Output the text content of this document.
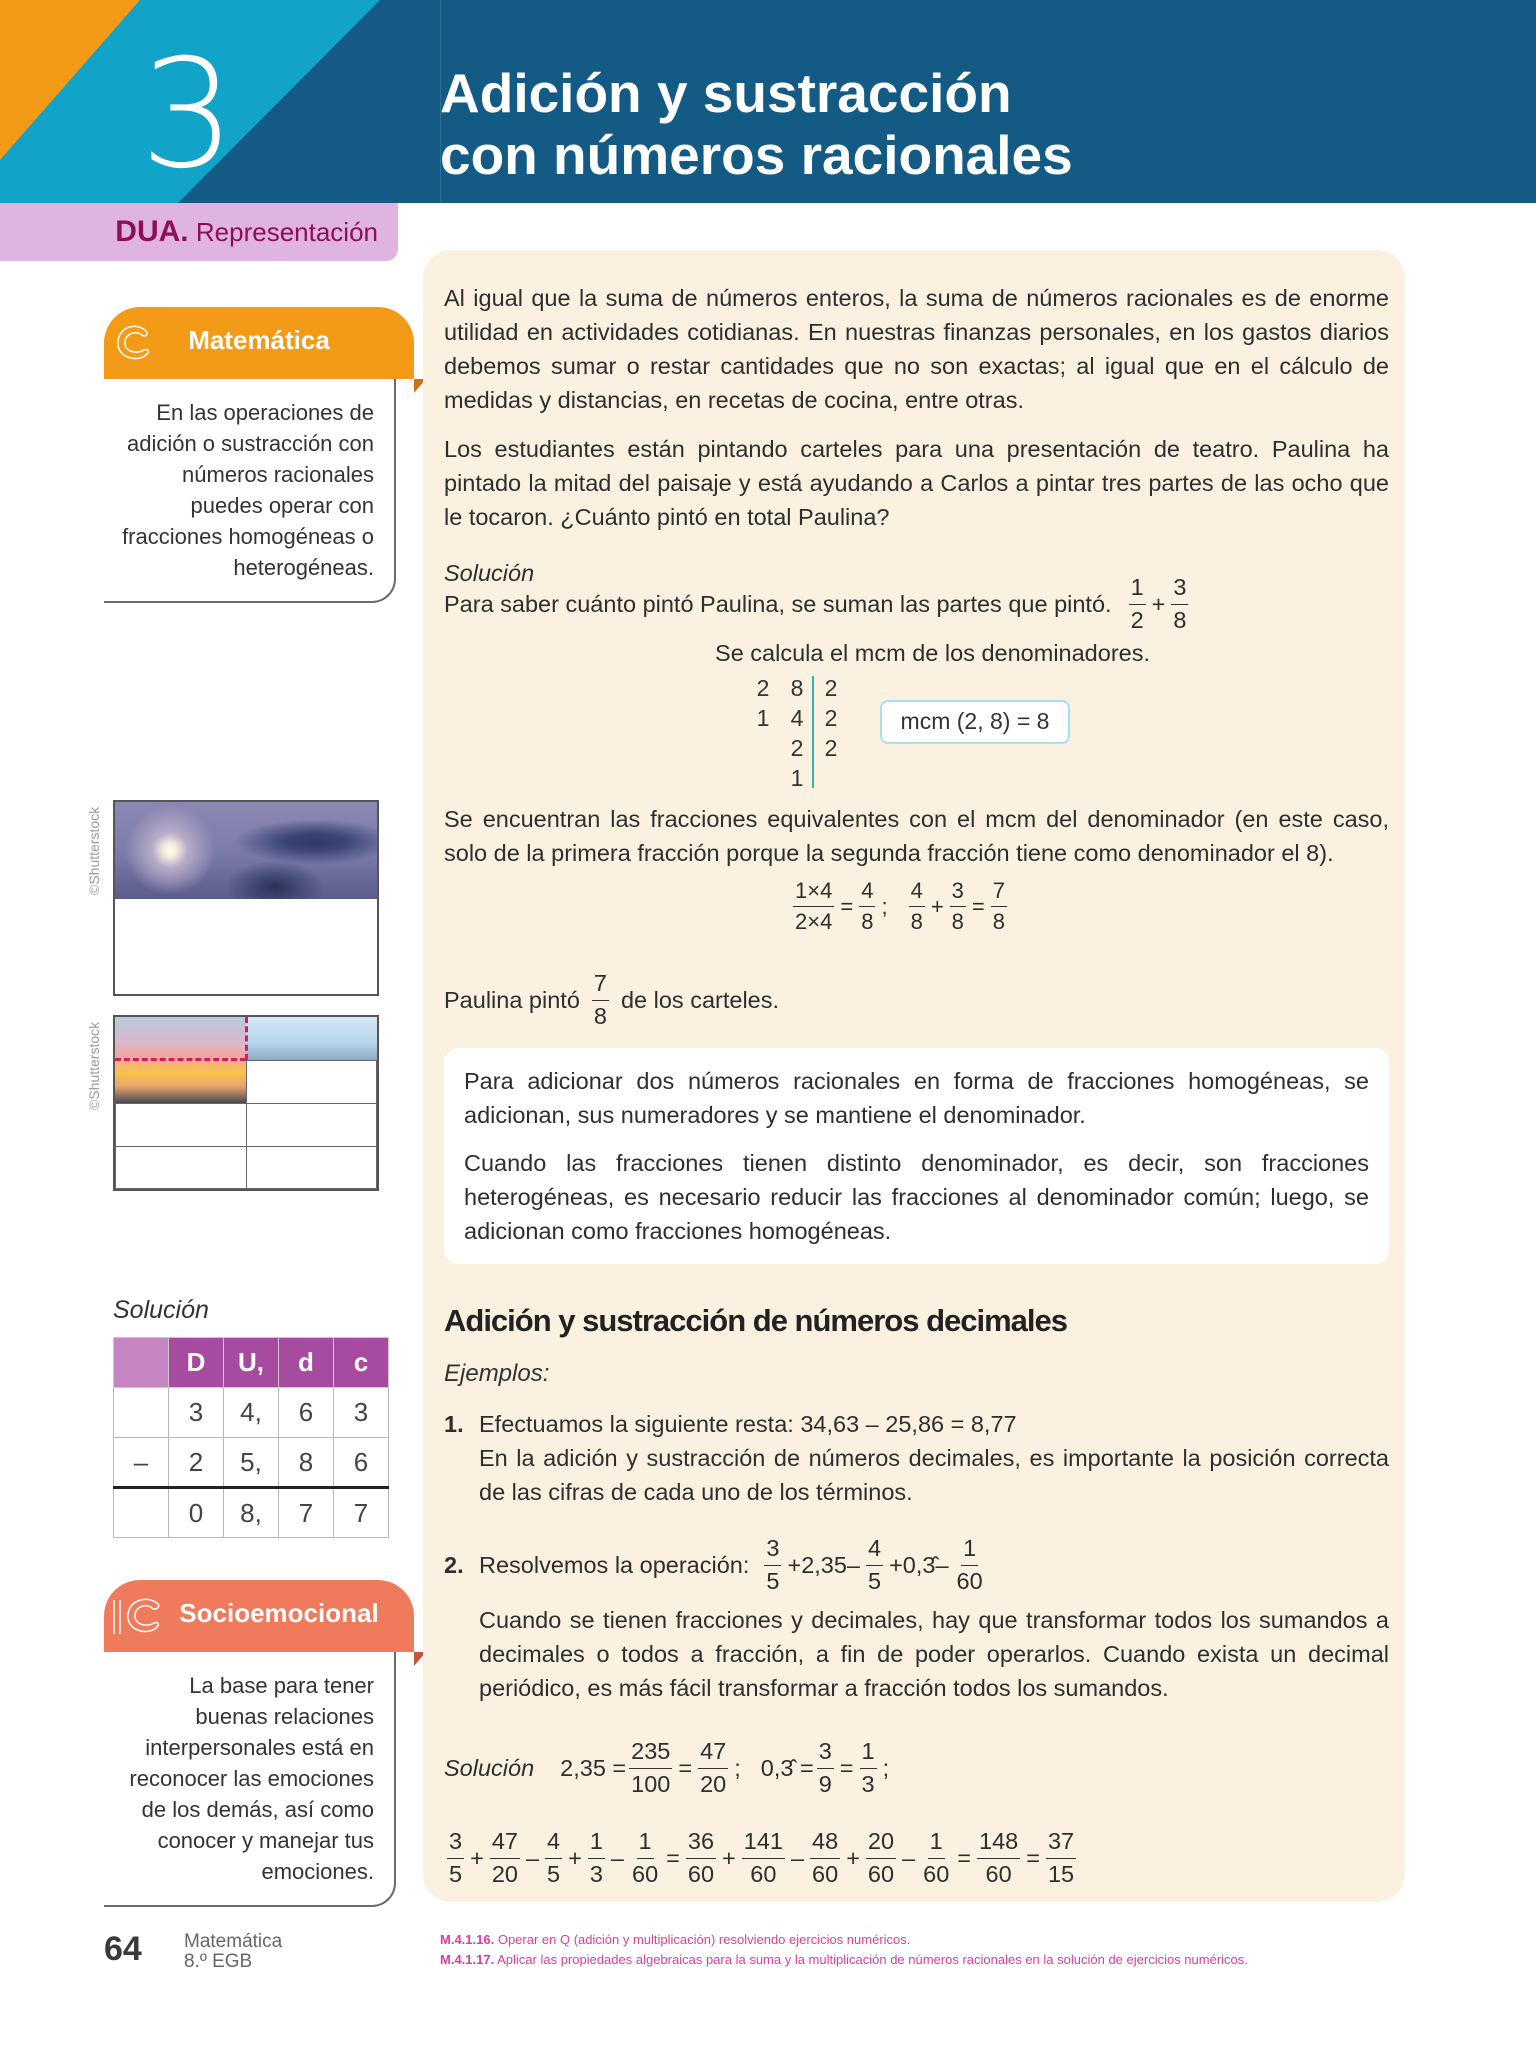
3	Adición y sustracción
con números racionales
DUA. Representación
Matemática
En las operaciones de adición o sustracción con números racionales puedes operar con fracciones homogéneas o heterogéneas.
©Shutterstock
©Shutterstock
Solución
	D	U,	d	c
	3	4,	6	3
–	2	5,	8	6
	0	8,	7	7
Socioemocional
La base para tener buenas relaciones interpersonales está en reconocer las emociones de los demás, así como conocer y manejar tus emociones.
Al igual que la suma de números enteros, la suma de números racionales es de enorme utilidad en actividades cotidianas. En nuestras finanzas personales, en los gastos diarios debemos sumar o restar cantidades que no son exactas; al igual que en el cálculo de medidas y distancias, en recetas de cocina, entre otras.
Los estudiantes están pintando carteles para una presentación de teatro. Paulina ha pintado la mitad del paisaje y está ayudando a Carlos a pintar tres partes de las ocho que le tocaron. ¿Cuánto pintó en total Paulina?
Solución
Para saber cuánto pintó Paulina, se suman las partes que pintó. $\frac{1}{2} + \frac{3}{8}$
Se calcula el mcm de los denominadores.
2 8 2
1 4 2
2 2
1
mcm (2, 8) = 8
Se encuentran las fracciones equivalentes con el mcm del denominador (en este caso, solo de la primera fracción porque la segunda fracción tiene como denominador el 8).
$\frac{1\times 4}{2\times 4} = \frac{4}{8}$ ; $\frac{4}{8} + \frac{3}{8} = \frac{7}{8}$
Paulina pintó $\frac{7}{8}$ de los carteles.

Para adicionar dos números racionales en forma de fracciones homogéneas, se adicionan, sus numeradores y se mantiene el denominador.

Cuando las fracciones tienen distinto denominador, es decir, son fracciones heterogéneas, es necesario reducir las fracciones al denominador común; luego, se adicionan como fracciones homogéneas.

Adición y sustracción de números decimales
Ejemplos:
1. Efectuamos la siguiente resta: 34,63 – 25,86 = 8,77
En la adición y sustracción de números decimales, es importante la posición correcta de las cifras de cada uno de los términos.
2. Resolvemos la operación: $\frac{3}{5} +2,35- \frac{4}{5}$ +0,3̂– $\frac{1}{60}$
Cuando se tienen fracciones y decimales, hay que transformar todos los sumandos a decimales o todos a fracción, a fin de poder operarlos. Cuando exista un decimal periódico, es más fácil transformar a fracción todos los sumandos.
Solución $2,35 = \frac{235}{100} = \frac{47}{20}$ ; 0,3̂ = $\frac{3}{9} = \frac{1}{3}$ ;
$\frac{3}{5} + \frac{47}{20} - \frac{4}{5} + \frac{1}{3} - \frac{1}{60} = \frac{36}{60} + \frac{141}{60} - \frac{48}{60} + \frac{20}{60} - \frac{1}{60} = \frac{148}{60} = \frac{37}{15}$
64 Matemática
8.º EGB
M.4.1.16. Operar en Q (adición y multiplicación) resolviendo ejercicios numéricos.
M.4.1.17. Aplicar las propiedades algebraicas para la suma y la multiplicación de números racionales en la solución de ejercicios numéricos.
